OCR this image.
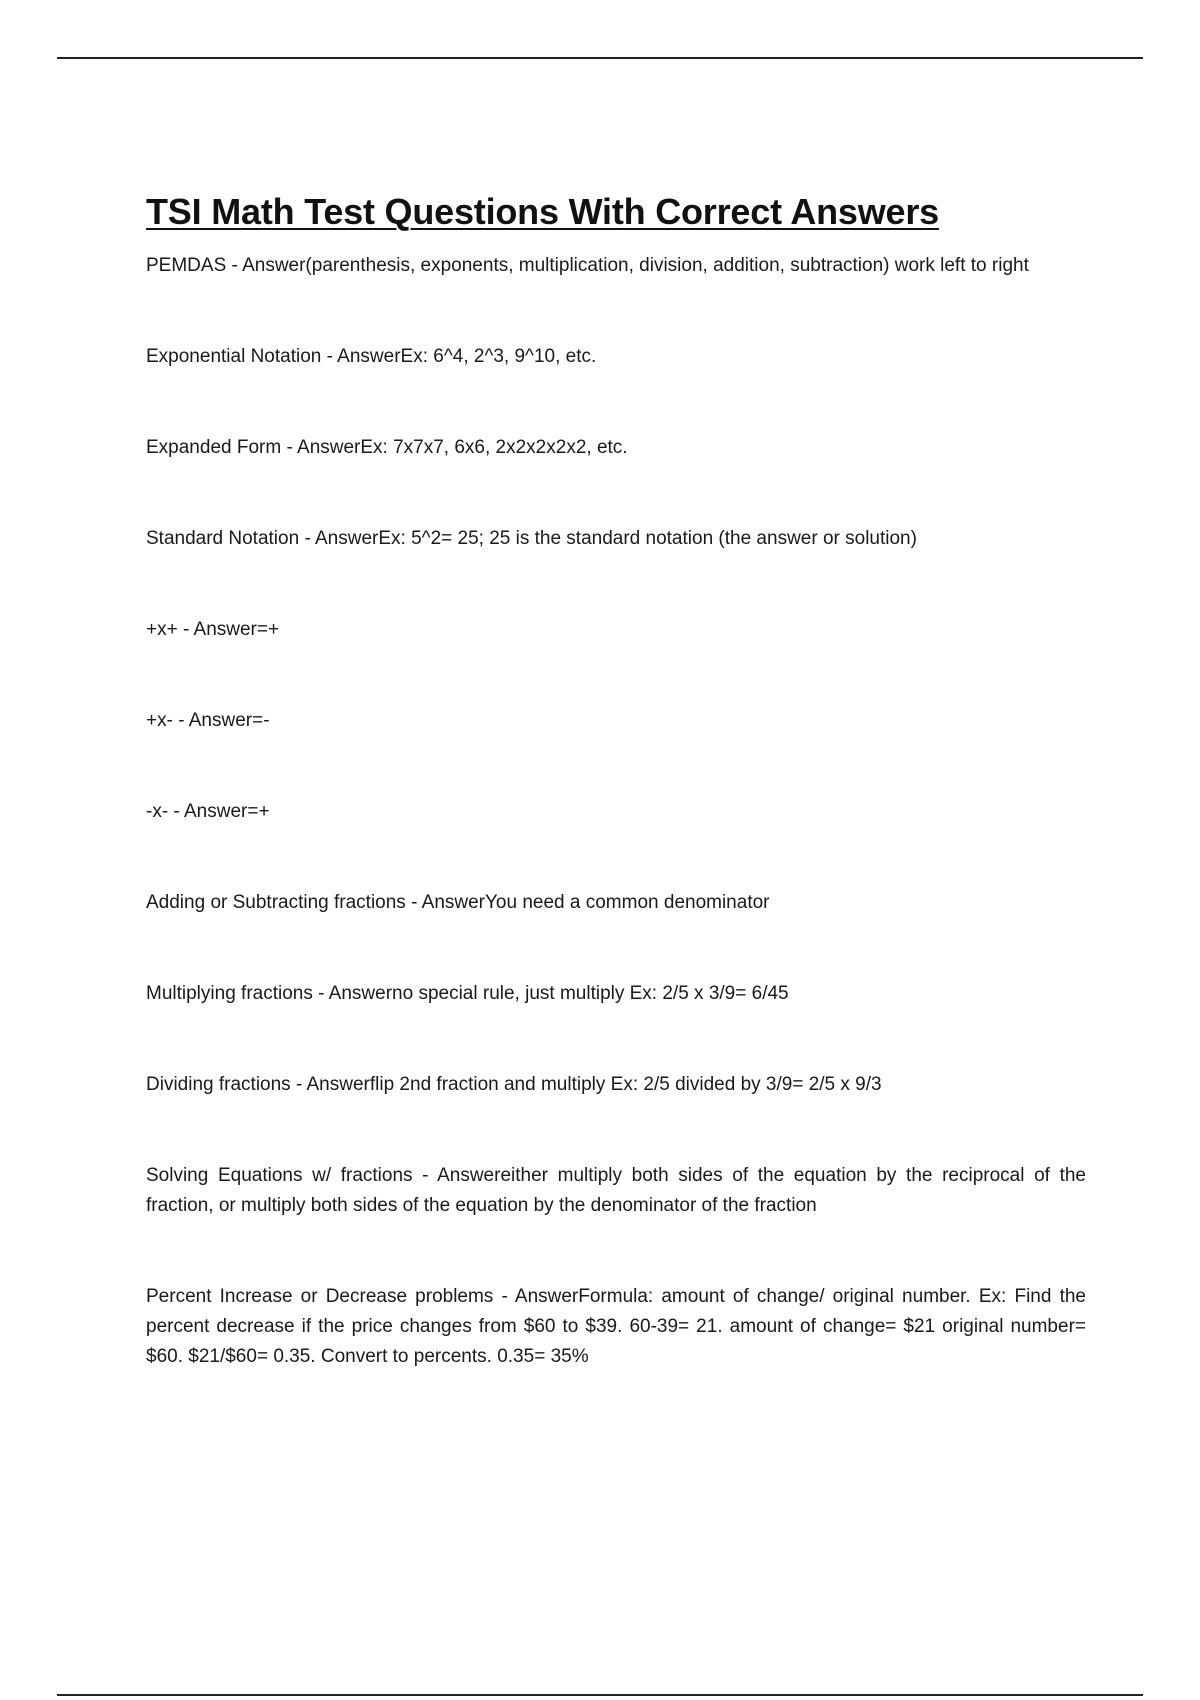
TSI Math Test Questions With Correct Answers

PEMDAS - Answer(parenthesis, exponents, multiplication, division, addition, subtraction) work left to right

Exponential Notation - AnswerEx: 6^4, 2^3, 9^10, etc.

Expanded Form - AnswerEx: 7x7x7, 6x6, 2x2x2x2x2, etc.

Standard Notation - AnswerEx: 5^2= 25; 25 is the standard notation (the answer or solution)

+x+ - Answer=+

+x- - Answer=-

-x- - Answer=+

Adding or Subtracting fractions - AnswerYou need a common denominator

Multiplying fractions - Answerno special rule, just multiply Ex: 2/5 x 3/9= 6/45

Dividing fractions - Answerflip 2nd fraction and multiply Ex: 2/5 divided by 3/9= 2/5 x 9/3

Solving Equations w/ fractions - Answereither multiply both sides of the equation by the reciprocal of the fraction, or multiply both sides of the equation by the denominator of the fraction

Percent Increase or Decrease problems - AnswerFormula: amount of change/ original number. Ex: Find the percent decrease if the price changes from $60 to $39. 60-39= 21. amount of change= $21 original number= $60. $21/$60= 0.35. Convert to percents. 0.35= 35%
